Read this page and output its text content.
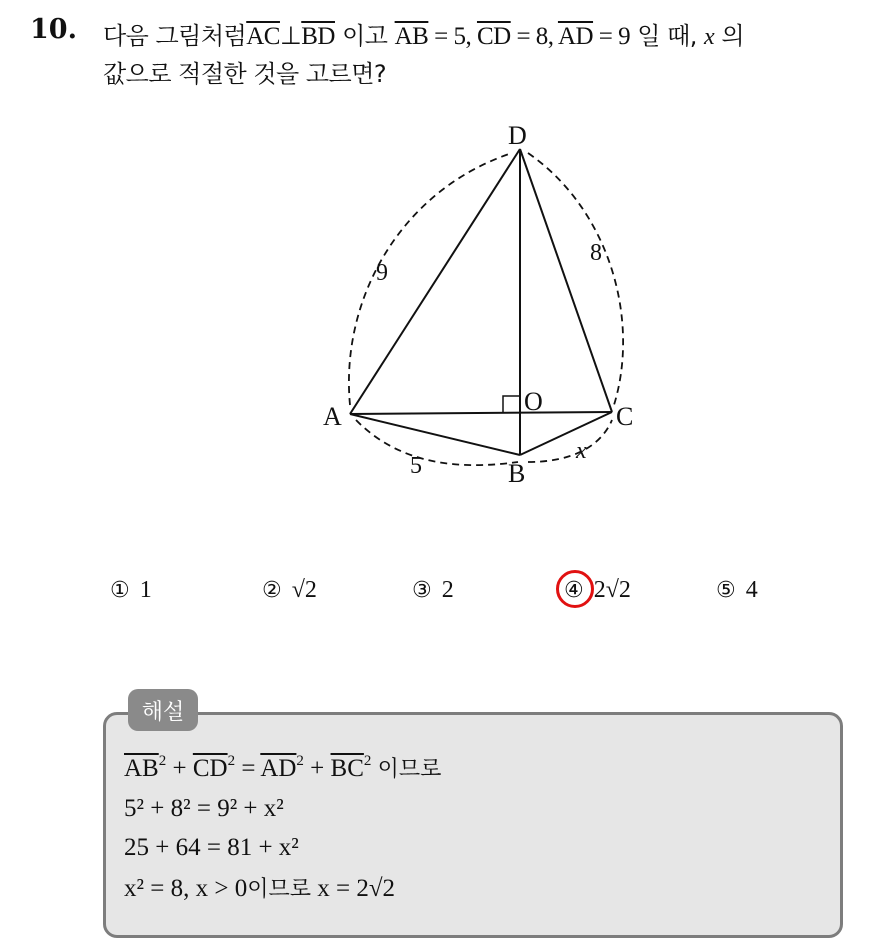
10. 다음 그림처럼$\overline{AC}\perp\overline{BD}$ 이고 $\overline{AB} = 5$, $\overline{CD} = 8$, $\overline{AD} = 9$ 일 때, x 의
값으로 적절한 것을 고르면?
D
A	C
B
O
9
8
5
x
① 1	② √2	③ 2	④ 2√2	⑤ 4
해설
$\overline{AB}^2 + \overline{CD}^2 = \overline{AD}^2 + \overline{BC}^2$ 이므로
5² + 8² = 9² + x²
25 + 64 = 81 + x²
x² = 8, x > 0이므로 x = 2√2
